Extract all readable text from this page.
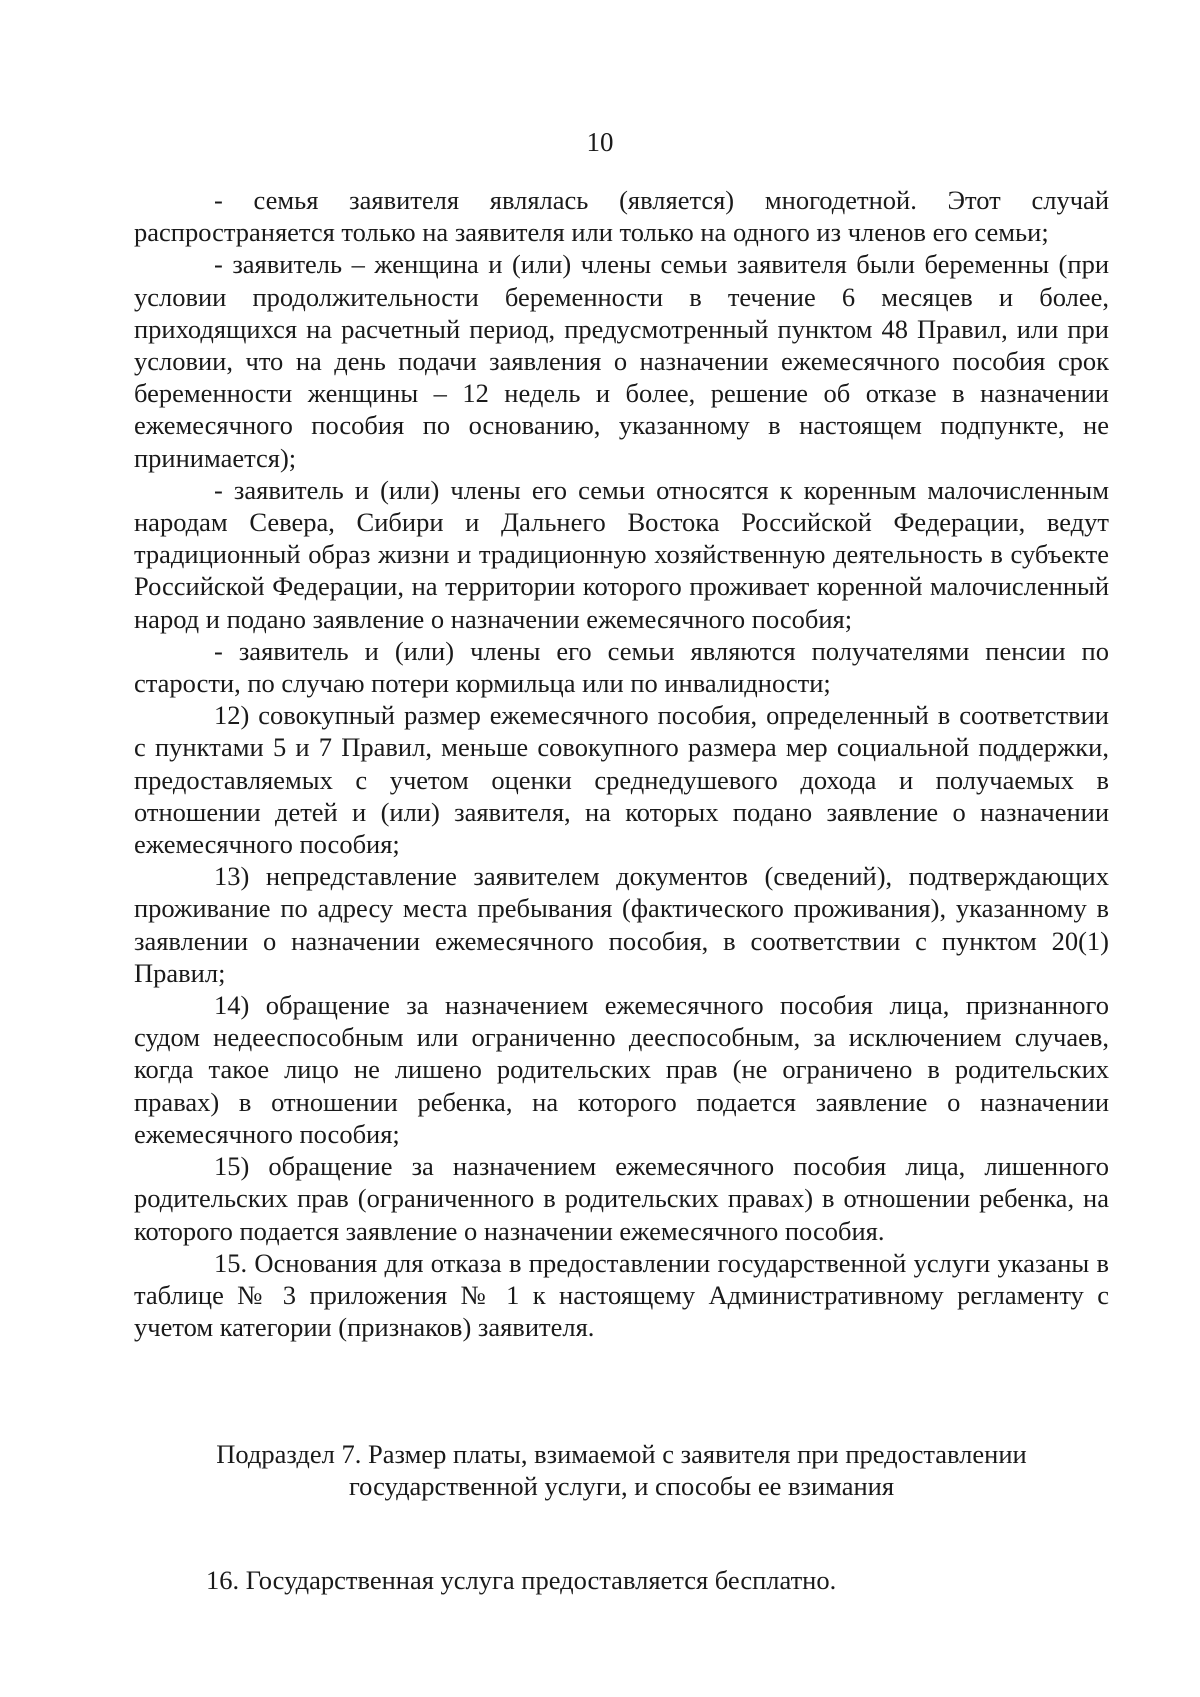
10

- семья заявителя являлась (является) многодетной. Этот случай распространяется только на заявителя или только на одного из членов его семьи;

- заявитель – женщина и (или) члены семьи заявителя были беременны (при условии продолжительности беременности в течение 6 месяцев и более, приходящихся на расчетный период, предусмотренный пунктом 48 Правил, или при условии, что на день подачи заявления о назначении ежемесячного пособия срок беременности женщины – 12 недель и более, решение об отказе в назначении ежемесячного пособия по основанию, указанному в настоящем подпункте, не принимается);

- заявитель и (или) члены его семьи относятся к коренным малочисленным народам Севера, Сибири и Дальнего Востока Российской Федерации, ведут традиционный образ жизни и традиционную хозяйственную деятельность в субъекте Российской Федерации, на территории которого проживает коренной малочисленный народ и подано заявление о назначении ежемесячного пособия;

- заявитель и (или) члены его семьи являются получателями пенсии по старости, по случаю потери кормильца или по инвалидности;

12) совокупный размер ежемесячного пособия, определенный в соответствии с пунктами 5 и 7 Правил, меньше совокупного размера мер социальной поддержки, предоставляемых с учетом оценки среднедушевого дохода и получаемых в отношении детей и (или) заявителя, на которых подано заявление о назначении ежемесячного пособия;

13) непредставление заявителем документов (сведений), подтверждающих проживание по адресу места пребывания (фактического проживания), указанному в заявлении о назначении ежемесячного пособия, в соответствии с пунктом 20(1) Правил;

14) обращение за назначением ежемесячного пособия лица, признанного судом недееспособным или ограниченно дееспособным, за исключением случаев, когда такое лицо не лишено родительских прав (не ограничено в родительских правах) в отношении ребенка, на которого подается заявление о назначении ежемесячного пособия;

15) обращение за назначением ежемесячного пособия лица, лишенного родительских прав (ограниченного в родительских правах) в отношении ребенка, на которого подается заявление о назначении ежемесячного пособия.

15. Основания для отказа в предоставлении государственной услуги указаны в таблице № 3 приложения № 1 к настоящему Административному регламенту с учетом категории (признаков) заявителя.

Подраздел 7. Размер платы, взимаемой с заявителя при предоставлении
государственной услуги, и способы ее взимания

16. Государственная услуга предоставляется бесплатно.
